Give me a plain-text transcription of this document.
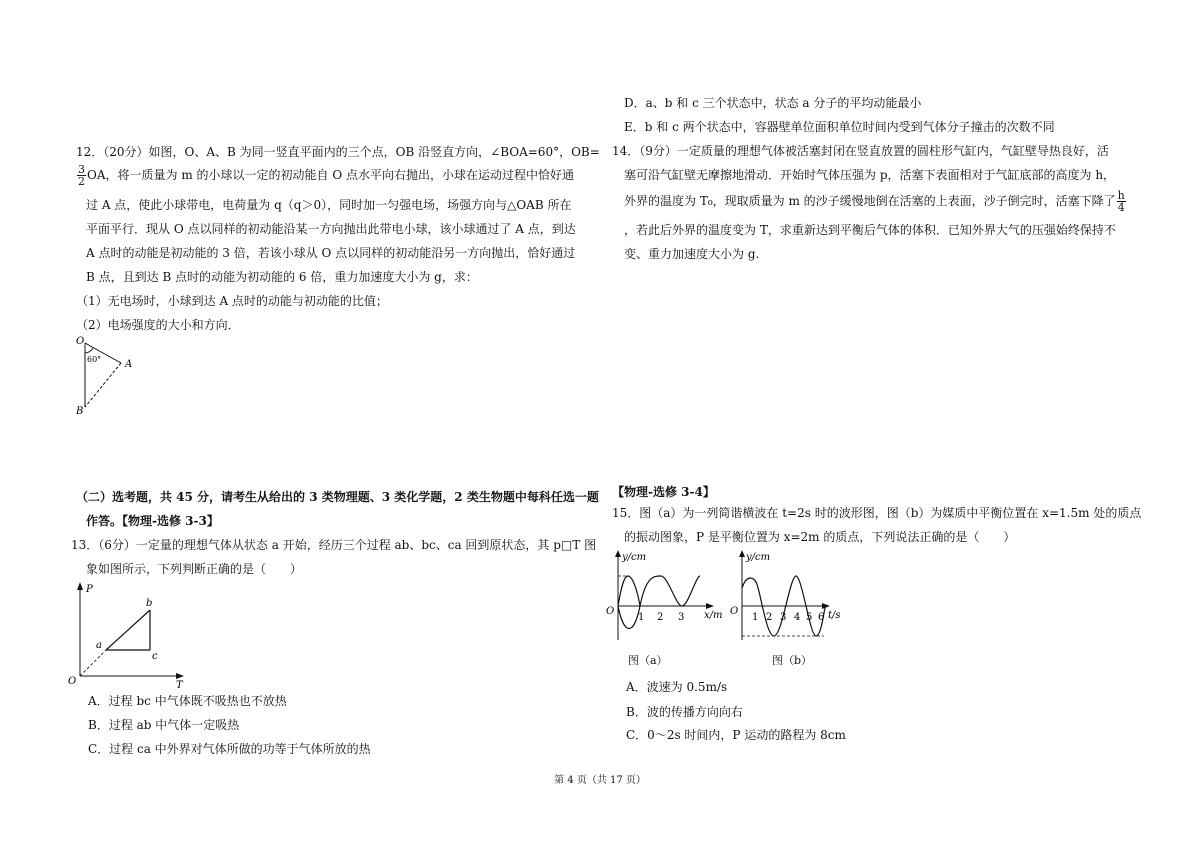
12．（20分）如图，O、A、B 为同一竖直平面内的三个点，OB 沿竖直方向，∠BOA=60°，OB=
$\frac{3}{2}$ OA，将一质量为 m 的小球以一定的初动能自 O 点水平向右抛出，小球在运动过程中恰好通
过 A 点，使此小球带电，电荷量为 q（q＞0），同时加一匀强电场，场强方向与△OAB 所在
平面平行．现从 O 点以同样的初动能沿某一方向抛出此带电小球，该小球通过了 A 点，到达
A 点时的动能是初动能的 3 倍，若该小球从 O 点以同样的初动能沿另一方向抛出，恰好通过
B 点，且到达 B 点时的动能为初动能的 6 倍，重力加速度大小为 g，求：
（1）无电场时，小球到达 A 点时的动能与初动能的比值；
（2）电场强度的大小和方向．
O
60° A
B
（二）选考题，共 45 分，请考生从给出的 3 类物理题、3 类化学题，2 类生物题中每科任选一题
作答。【物理-选修 3-3】
13．（6分）一定量的理想气体从状态 a 开始，经历三个过程 ab、bc、ca 回到原状态，其 p□T 图
象如图所示，下列判断正确的是（　　）
P
T
O
a
b
c
A．过程 bc 中气体既不吸热也不放热
B．过程 ab 中气体一定吸热
C．过程 ca 中外界对气体所做的功等于气体所放的热
D．a、b 和 c 三个状态中，状态 a 分子的平均动能最小
E．b 和 c 两个状态中，容器壁单位面积单位时间内受到气体分子撞击的次数不同
14．（9分）一定质量的理想气体被活塞封闭在竖直放置的圆柱形气缸内，气缸壁导热良好，活
塞可沿气缸壁无摩擦地滑动．开始时气体压强为 p，活塞下表面相对于气缸底部的高度为 h，
外界的温度为 T₀，现取质量为 m 的沙子缓慢地倒在活塞的上表面，沙子倒完时，活塞下降了 $\frac{h}{4}$
，若此后外界的温度变为 T，求重新达到平衡后气体的体积．已知外界大气的压强始终保持不
变、重力加速度大小为 g.
【物理-选修 3-4】
15．图（a）为一列简谐横波在 t=2s 时的波形图，图（b）为媒质中平衡位置在 x=1.5m 处的质点
的振动图象，P 是平衡位置为 x=2m 的质点，下列说法正确的是（　　）
y/cm
x/m
O
1 2 3
图（a）
y/cm
t/s
O
1 2 3 4 5 6
图（b）
A．波速为 0.5m/s
B．波的传播方向向右
C．0～2s 时间内，P 运动的路程为 8cm
第 4 页（共 17 页）
